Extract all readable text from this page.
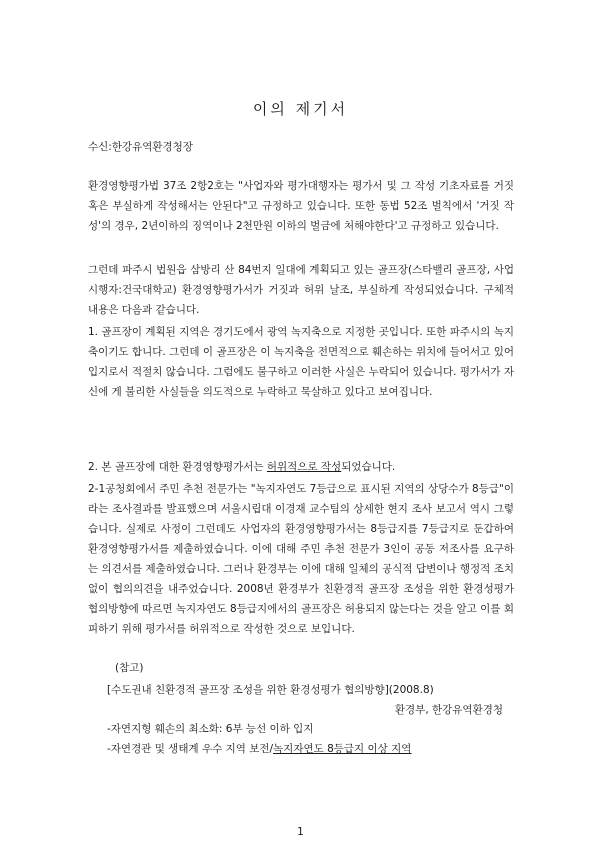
이의 제기서
수신:한강유역환경청장
환경영향평가법 37조 2항2호는 "사업자와 평가대행자는 평가서 및 그 작성 기초자료를 거짓 혹은 부실하게 작성해서는 안된다"고 규정하고 있습니다. 또한 동법 52조 벌칙에서 '거짓 작성'의 경우, 2년이하의 징역이나 2천만원 이하의 벌금에 처해야한다'고 규정하고 있습니다.
그런데 파주시 법원읍 삼방리 산 84번지 일대에 계획되고 있는 골프장(스타밸리 골프장, 사업시행자:건국대학교) 환경영향평가서가 거짓과 허위 날조, 부실하게 작성되었습니다. 구체적 내용은 다음과 같습니다.
1. 골프장이 계획된 지역은 경기도에서 광역 녹지축으로 지정한 곳입니다. 또한 파주시의 녹지축이기도 합니다. 그런데 이 골프장은 이 녹지축을 전면적으로 훼손하는 위치에 들어서고 있어 입지로서 적절치 않습니다. 그럼에도 불구하고 이러한 사실은 누락되어 있습니다. 평가서가 자신에 게 불리한 사실들을 의도적으로 누락하고 묵살하고 있다고 보여집니다.
2. 본 골프장에 대한 환경영향평가서는 허위적으로 작성되었습니다.
2-1공청회에서 주민 추천 전문가는 "녹지자연도 7등급으로 표시된 지역의 상당수가 8등급"이라는 조사결과를 발표했으며 서울시립대 이경재 교수팀의 상세한 현지 조사 보고서 역시 그렇습니다. 실제로 사정이 그런데도 사업자의 환경영향평가서는 8등급지를 7등급지로 둔갑하여 환경영향평가서를 제출하였습니다. 이에 대해 주민 추천 전문가 3인이 공동 저조사를 요구하는 의견서를 제출하였습니다. 그러나 환경부는 이에 대해 일체의 공식적 답변이나 행정적 조치없이 협의의견을 내주었습니다. 2008년 환경부가 친환경적 골프장 조성을 위한 환경성평가 협의방향에 따르면 녹지자연도 8등급지에서의 골프장은 허용되지 않는다는 것을 알고 이를 회피하기 위해 평가서를 허위적으로 작성한 것으로 보입니다.
(참고)
[수도권내 친환경적 골프장 조성을 위한 환경성평가 협의방향](2008.8)
환경부, 한강유역환경청
-자연지형 훼손의 최소화: 6부 능선 이하 입지
-자연경관 및 생태계 우수 지역 보전/녹지자연도 8등급지 이상 지역
1
